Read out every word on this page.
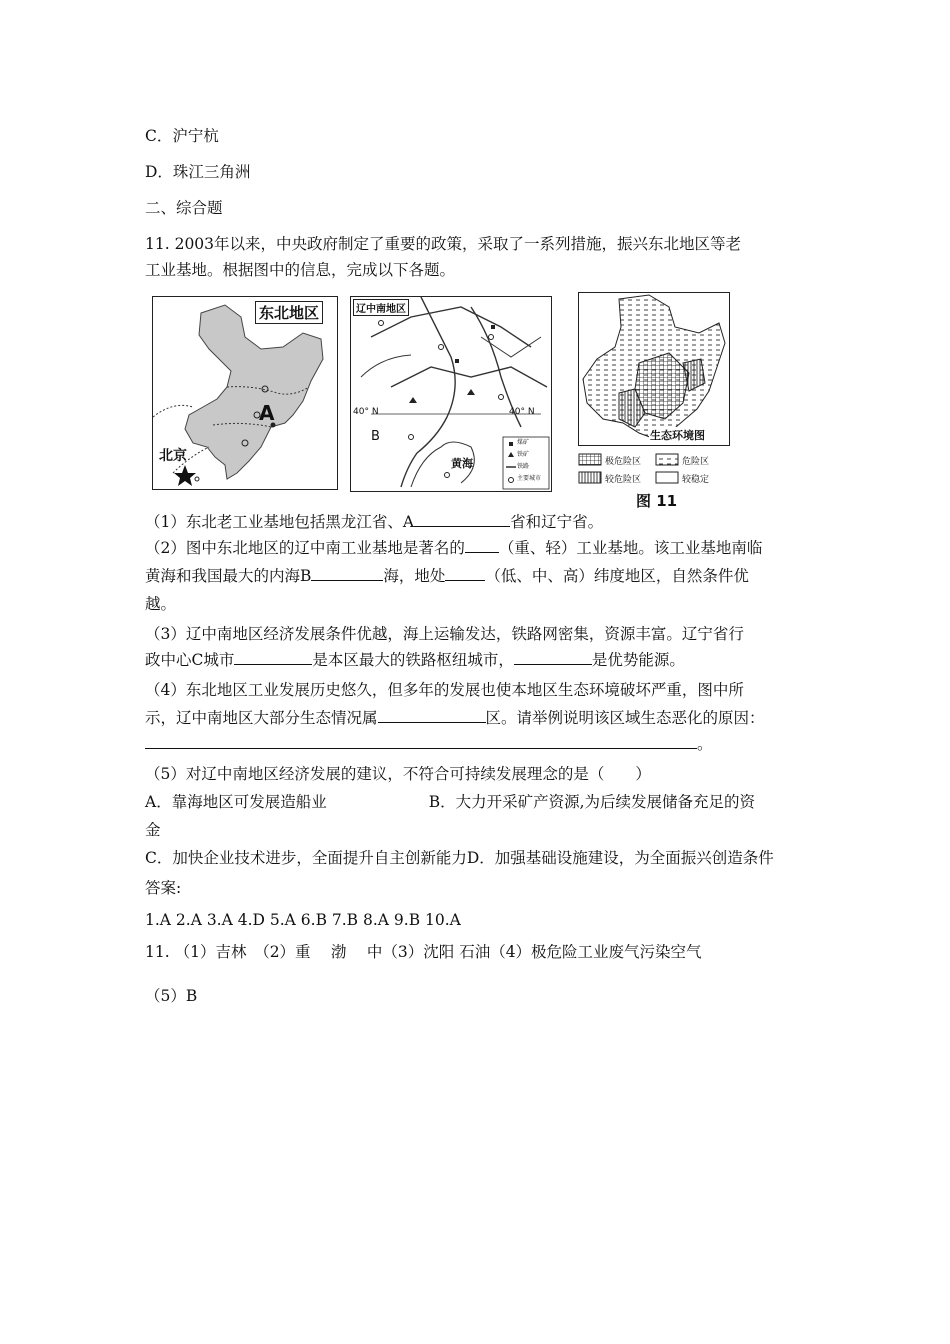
C．沪宁杭
D．珠江三角洲
二、综合题
11. 2003年以来，中央政府制定了重要的政策，采取了一系列措施，振兴东北地区等老
工业基地。根据图中的信息，完成以下各题。
东北地区
A
北京
辽中南地区
40° N	40° N
B
黄海
煤矿
铁矿
铁路
主要城市
生态环境图
极危险区	危险区
较危险区	较稳定
图 11
（1）东北老工业基地包括黑龙江省、A	省和辽宁省。
（2）图中东北地区的辽中南工业基地是著名的 （重、轻）工业基地。该工业基地南临
黄海和我国最大的内海B	海，地处	（低、中、高）纬度地区，自然条件优
越。
（3）辽中南地区经济发展条件优越，海上运输发达，铁路网密集，资源丰富。辽宁省行
政中心C城市	是本区最大的铁路枢纽城市，	是优势能源。
（4）东北地区工业发展历史悠久，但多年的发展也使本地区生态环境破坏严重，图中所
示，辽中南地区大部分生态情况属	区。请举例说明该区域生态恶化的原因：
。
（5）对辽中南地区经济发展的建议，不符合可持续发展理念的是（　　）
A．靠海地区可发展造船业	B．大力开采矿产资源,为后续发展储备充足的资
金
C．加快企业技术进步，全面提升自主创新能力D．加强基础设施建设，为全面振兴创造条件
答案:
1.A 2.A 3.A 4.D 5.A 6.B 7.B 8.A 9.B 10.A
11. （1）吉林　（2）重　 渤　 中（3）沈阳 石油（4）极危险工业废气污染空气
（5）B
